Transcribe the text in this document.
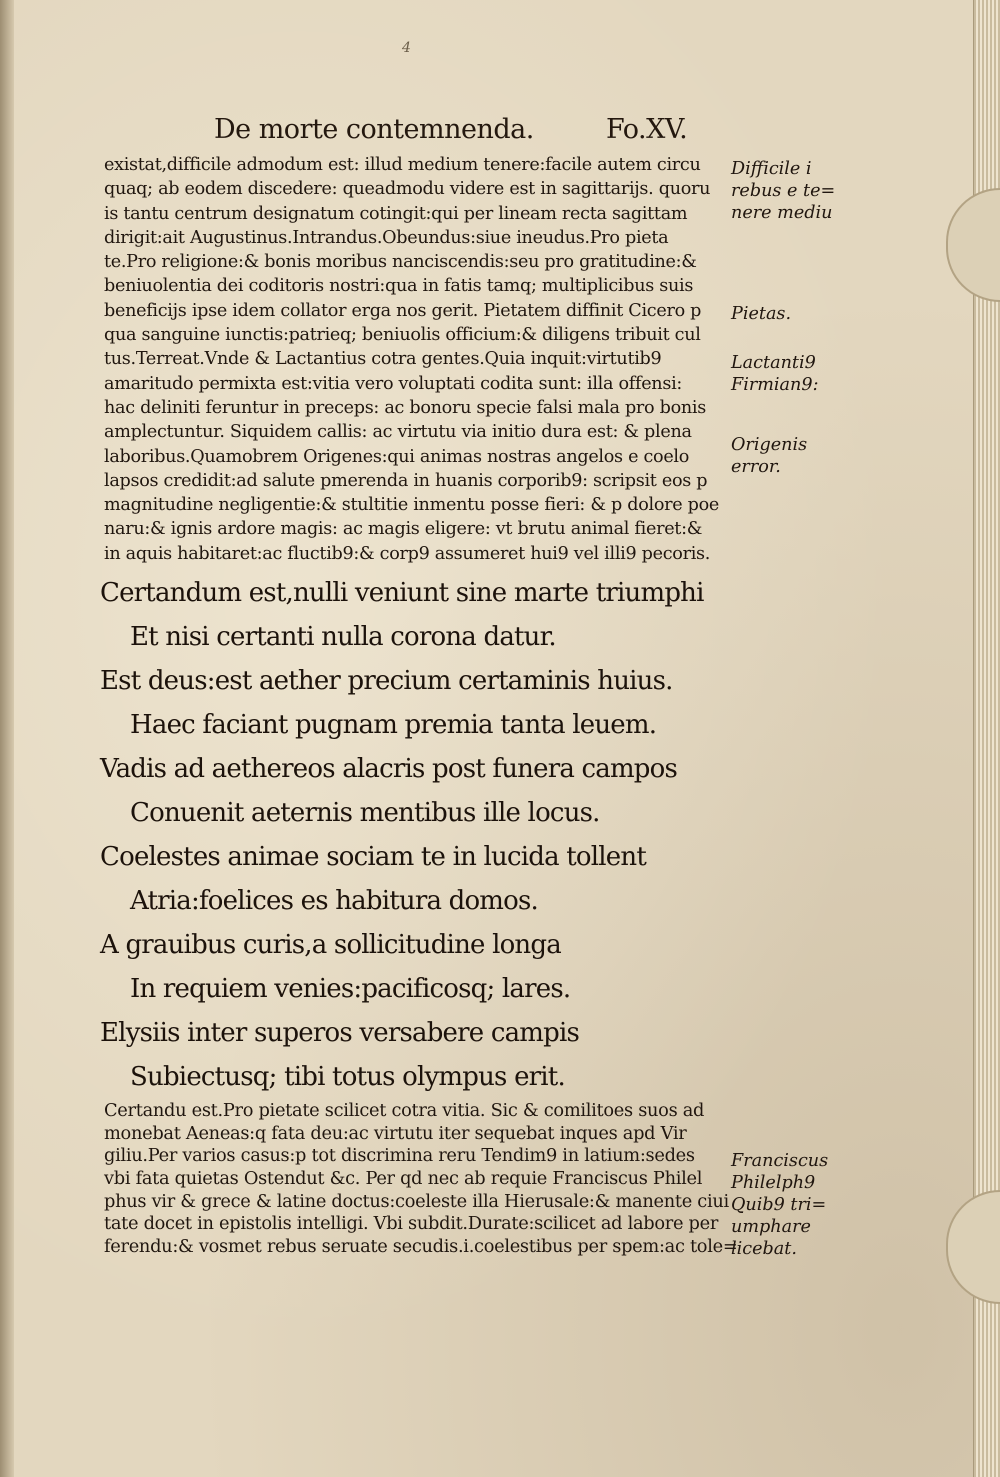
4
De morte contemnenda.	Fo.XV.
existat,difficile admodum est: illud medium tenere:facile autem circu
quaq; ab eodem discedere: queadmodu videre est in sagittarijs. quoru
is tantu centrum designatum cotingit:qui per lineam recta sagittam
dirigit:ait Augustinus.Intrandus.Obeundus:siue ineudus.Pro pieta
te.Pro religione:& bonis moribus nanciscendis:seu pro gratitudine:&
beniuolentia dei coditoris nostri:qua in fatis tamq; multiplicibus suis
beneficijs ipse idem collator erga nos gerit. Pietatem diffinit Cicero p
qua sanguine iunctis:patrieq; beniuolis officium:& diligens tribuit cul
tus.Terreat.Vnde & Lactantius cotra gentes.Quia inquit:virtutib9
amaritudo permixta est:vitia vero voluptati codita sunt: illa offensi:
hac deliniti feruntur in preceps: ac bonoru specie falsi mala pro bonis
amplectuntur. Siquidem callis: ac virtutu via initio dura est: & plena
laboribus.Quamobrem Origenes:qui animas nostras angelos e coelo
lapsos credidit:ad salute pmerenda in huanis corporib9: scripsit eos p
magnitudine negligentie:& stultitie inmentu posse fieri: & p dolore poe
naru:& ignis ardore magis: ac magis eligere: vt brutu animal fieret:&
in aquis habitaret:ac fluctib9:& corp9 assumeret hui9 vel illi9 pecoris.
Certandum est,nulli veniunt sine marte triumphi
Et nisi certanti nulla corona datur.
Est deus:est aether precium certaminis huius.
Haec faciant pugnam premia tanta leuem.
Vadis ad aethereos alacris post funera campos
Conuenit aeternis mentibus ille locus.
Coelestes animae sociam te in lucida tollent
Atria:foelices es habitura domos.
A grauibus curis,a sollicitudine longa
In requiem venies:pacificosq; lares.
Elysiis inter superos versabere campis
Subiectusq; tibi totus olympus erit.
Certandu est.Pro pietate scilicet cotra vitia. Sic & comilitoes suos ad
monebat Aeneas:q fata deu:ac virtutu iter sequebat inques apd Vir
giliu.Per varios casus:p tot discrimina reru Tendim9 in latium:sedes
vbi fata quietas Ostendut &c. Per qd nec ab requie Franciscus Philel
phus vir & grece & latine doctus:coeleste illa Hierusale:& manente ciui
tate docet in epistolis intelligi. Vbi subdit.Durate:scilicet ad labore per
ferendu:& vosmet rebus seruate secudis.i.coelestibus per spem:ac tole=
Difficile i
rebus e te=
nere mediu
Pietas.
Lactanti9
Firmian9:
Origenis
error.
Franciscus
Philelph9
Quib9 tri=
umphare
licebat.
